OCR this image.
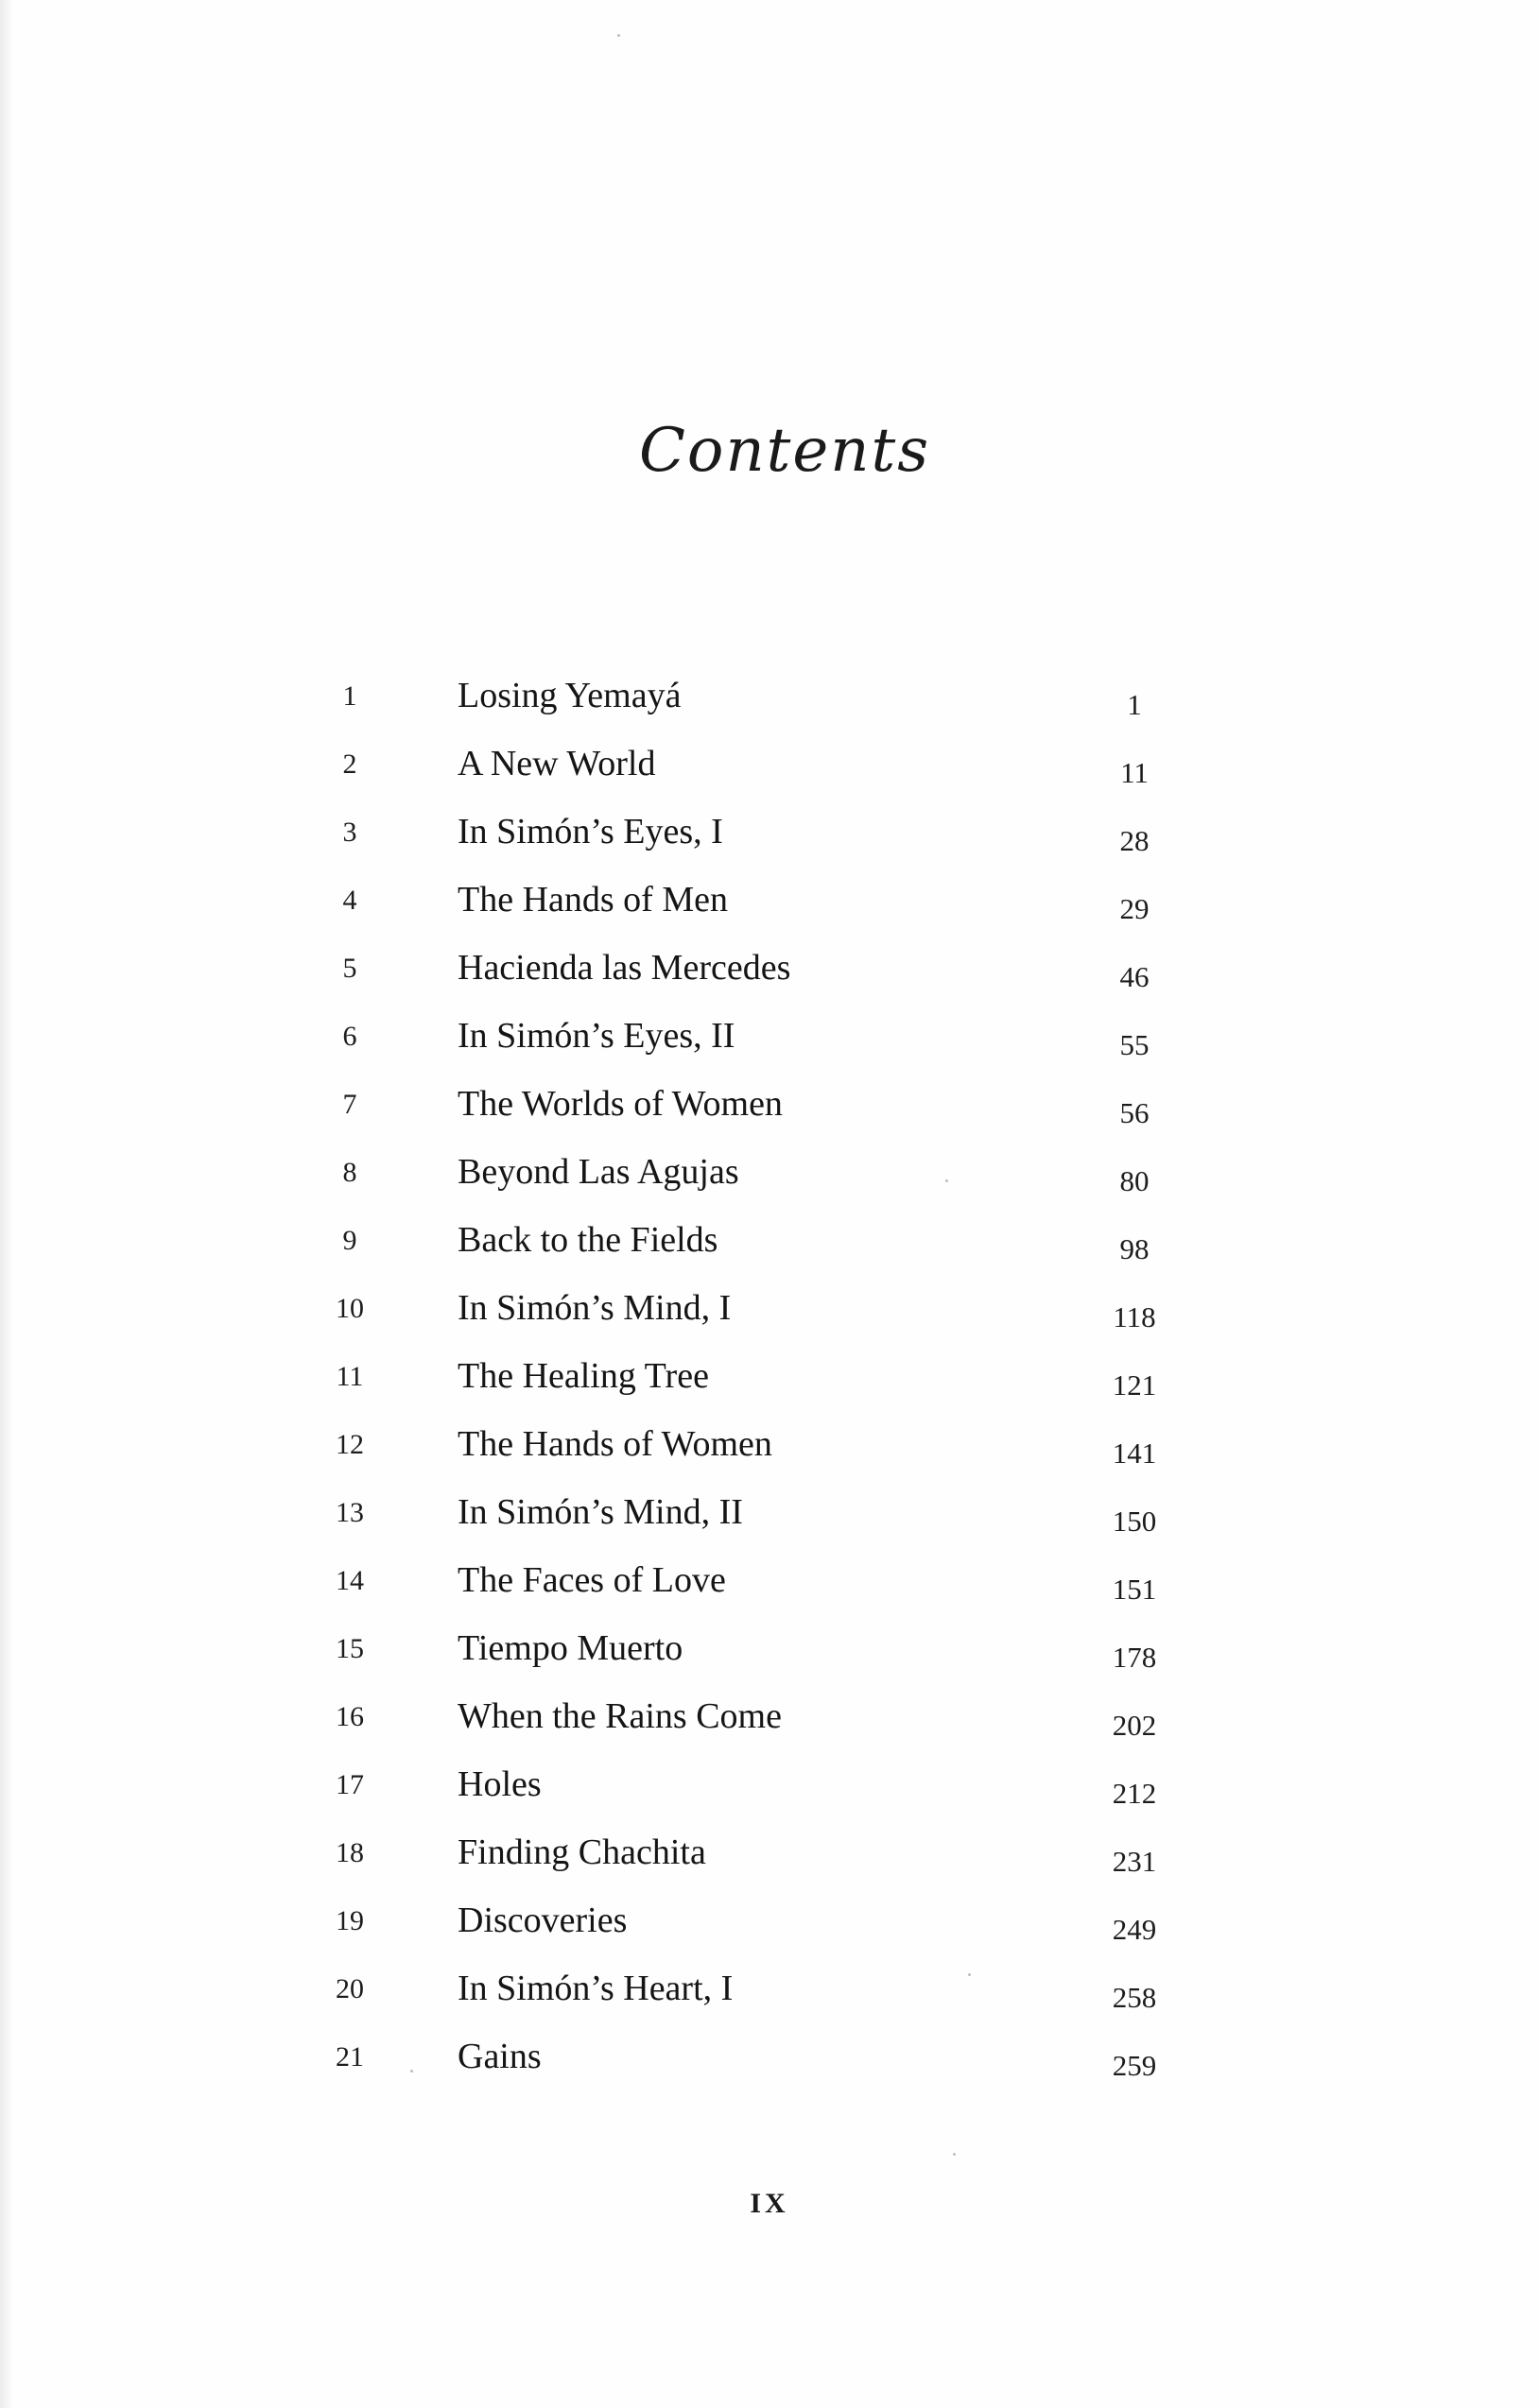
Contents
1	Losing Yemayá	1
2	A New World	11
3	In Simón’s Eyes, I	28
4	The Hands of Men	29
5	Hacienda las Mercedes	46
6	In Simón’s Eyes, II	55
7	The Worlds of Women	56
8	Beyond Las Agujas	80
9	Back to the Fields	98
10	In Simón’s Mind, I	118
11	The Healing Tree	121
12	The Hands of Women	141
13	In Simón’s Mind, II	150
14	The Faces of Love	151
15	Tiempo Muerto	178
16	When the Rains Come	202
17	Holes	212
18	Finding Chachita	231
19	Discoveries	249
20	In Simón’s Heart, I	258
21	Gains	259
IX
